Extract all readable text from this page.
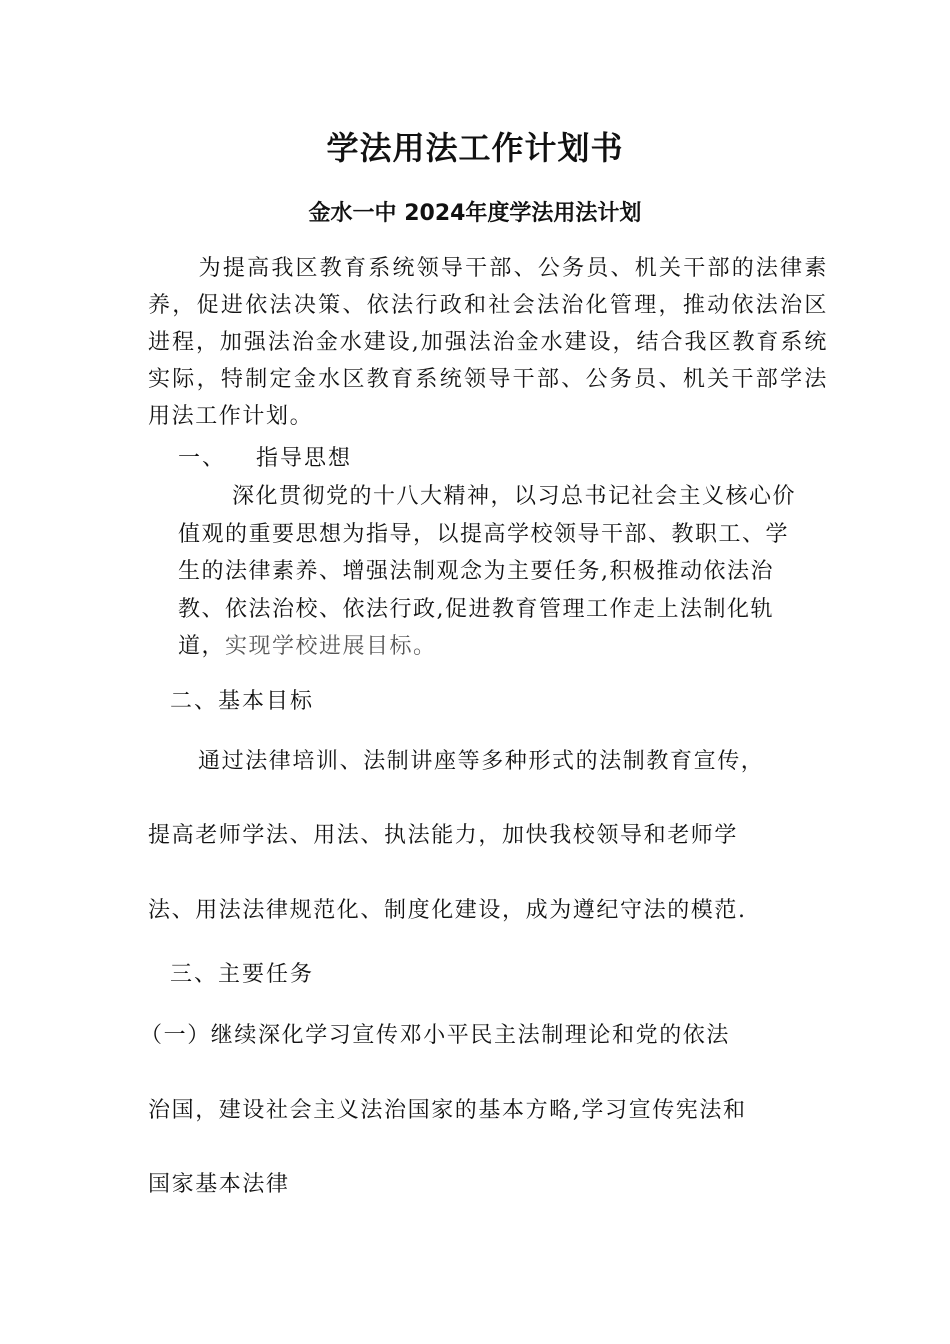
学法用法工作计划书
金水一中 2024年度学法用法计划

为提高我区教育系统领导干部、公务员、机关干部的法律素养，促进依法决策、依法行政和社会法治化管理，推动依法治区进程，加强法治金水建设,加强法治金水建设，结合我区教育系统实际，特制定金水区教育系统领导干部、公务员、机关干部学法用法工作计划。

一、 指导思想

深化贯彻党的十八大精神，以习总书记社会主义核心价值观的重要思想为指导，以提高学校领导干部、教职工、学生的法律素养、增强法制观念为主要任务,积极推动依法治教、依法治校、依法行政,促进教育管理工作走上法制化轨道，实现学校进展目标。

二、基本目标

通过法律培训、法制讲座等多种形式的法制教育宣传，

提高老师学法、用法、执法能力，加快我校领导和老师学

法、用法法律规范化、制度化建设，成为遵纪守法的模范.

三、主要任务

（一）继续深化学习宣传邓小平民主法制理论和党的依法

治国，建设社会主义法治国家的基本方略,学习宣传宪法和

国家基本法律
